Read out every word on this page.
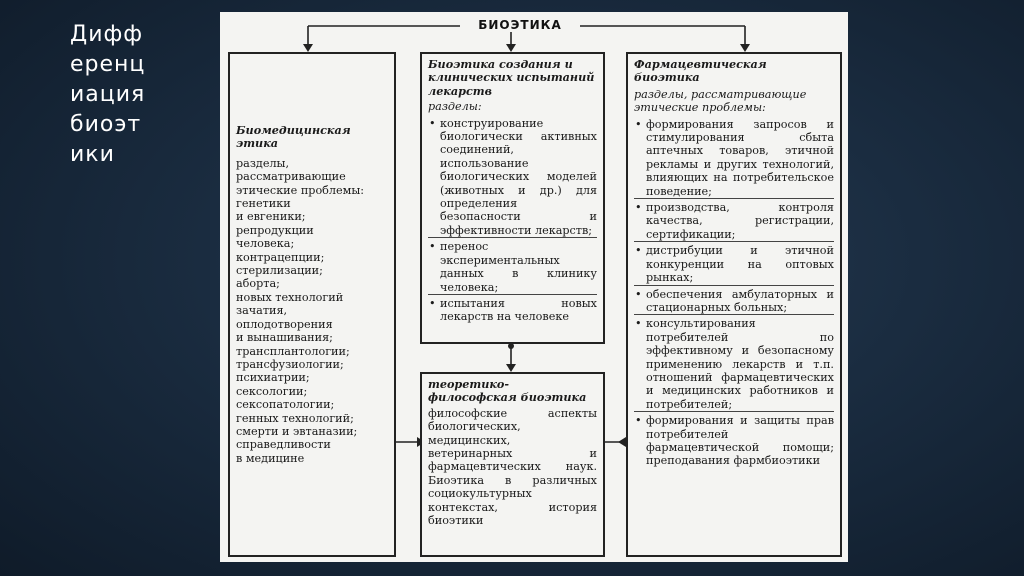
Дифференциация биоэтики
БИОЭТИКА
Биомедицинская этика
разделы, рассматривающие этические проблемы:
генетики
и евгеники;
репродукции
человека;
контрацепции;
стерилизации;
аборта;
новых технологий
зачатия,
оплодотворения
и вынашивания;
трансплантологии;
трансфузиологии;
психиатрии;
сексологии;
сексопатологии;
генных технологий;
смерти и эвтаназии;
справедливости
в медицине
Биоэтика создания и клинических испытаний лекарств
разделы:
• конструирование биологически активных соединений, использование биологических моделей (животных и др.) для определения безопасности и эффективности лекарств;
• перенос экспериментальных данных в клинику человека;
• испытания новых лекарств на человеке
теоретико-философская биоэтика
философские аспекты биологических, медицинских, ветеринарных и фармацевтических наук. Биоэтика в различных социокультурных контекстах, история биоэтики
Фармацевтическая биоэтика
разделы, рассматривающие этические проблемы:
• формирования запросов и стимулирования сбыта аптечных товаров, этичной рекламы и других технологий, влияющих на потребительское поведение;
• производства, контроля качества, регистрации, сертификации;
• дистрибуции и этичной конкуренции на оптовых рынках;
• обеспечения амбулаторных и стационарных больных;
• консультирования потребителей по эффективному и безопасному применению лекарств и т.п. отношений фармацевтических и медицинских работников и потребителей;
• формирования и защиты прав потребителей фармацевтической помощи; преподавания фармбиоэтики
